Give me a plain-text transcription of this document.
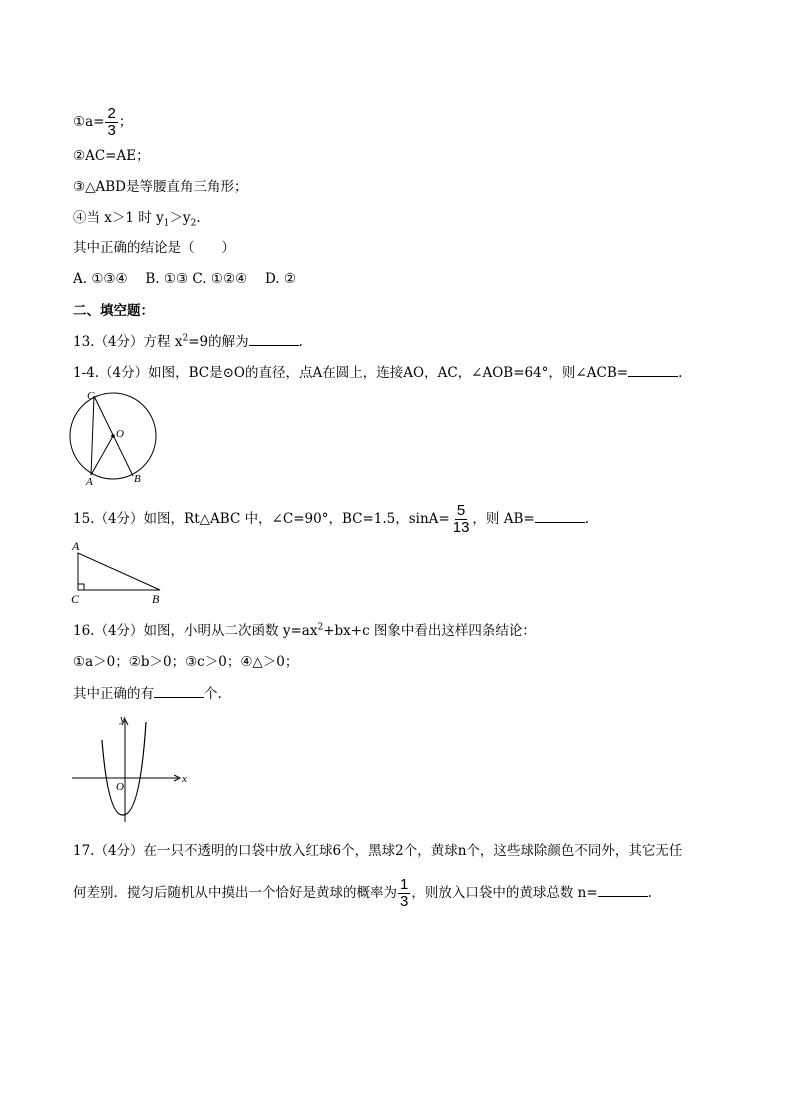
①a= $\frac{2}{3}$ ；
②AC=AE；
③△ABD是等腰直角三角形；
④当 x＞1 时 $y_1>y_2$.
其中正确的结论是（　　）
A. ①③④　 B. ①③ C. ①②④　 D. ②
二、填空题：
13.（4分）方程 $x^2=9$的解为	.
1-4.（4分）如图，BC是⊙O的直径，点A在圆上，连接AO，AC，∠AOB=64°，则∠ACB=	.
C
O
A	B
15.（4分）如图，Rt△ABC 中，∠C=90°，BC=1.5，$\sin A= \frac{5}{13}$ ，则 AB=	.
A
C	B
16.（4分）如图，小明从二次函数 $y=ax^2+bx+c$ 图象中看出这样四条结论：
①a＞0；②b＞0；③c＞0；④△＞0；
其中正确的有	个.
y
x
O
17.（4分）在一只不透明的口袋中放入红球6个，黑球2个，黄球n个，这些球除颜色不同外，其它无任
何差别．搅匀后随机从中摸出一个恰好是黄球的概率为 $\frac{1}{3}$ ，则放入口袋中的黄球总数 n=	.
